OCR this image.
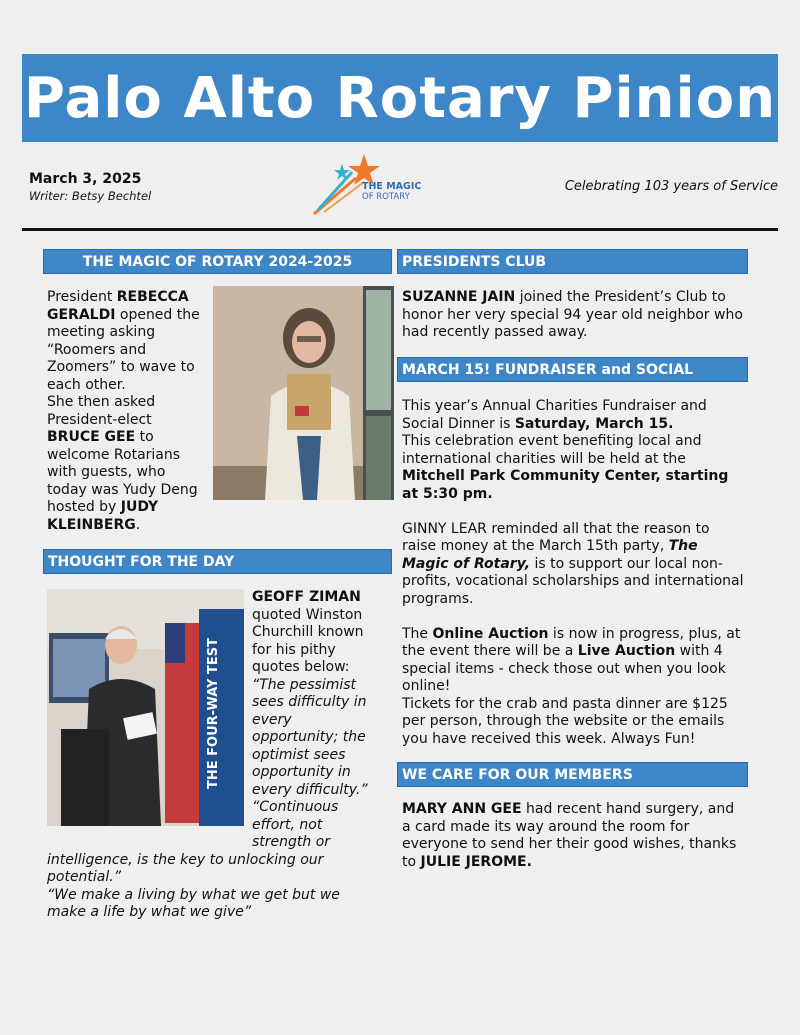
Palo Alto Rotary Pinion
March 3, 2025
Writer: Betsy Bechtel
Celebrating 103 years of Service
THE MAGIC
OF ROTARY
THE MAGIC OF ROTARY 2024-2025

President REBECCA GERALDI opened the meeting asking “Roomers and Zoomers” to wave to each other.

She then asked President-elect BRUCE GEE to welcome Rotarians with guests, who today was Yudy Deng hosted by JUDY KLEINBERG.

THOUGHT FOR THE DAY
THE FOUR-WAY TEST

GEOFF ZIMAN quoted Winston Churchill known for his pithy quotes below:

“The pessimist sees difficulty in every opportunity; the optimist sees opportunity in every difficulty.”

“Continuous effort, not strength or intelligence, is the key to unlocking our potential.”

“We make a living by what we get but we make a life by what we give”

PRESIDENTS CLUB

SUZANNE JAIN joined the President’s Club to honor her very special 94 year old neighbor who had recently passed away.

MARCH 15! FUNDRAISER and SOCIAL

This year’s Annual Charities Fundraiser and Social Dinner is Saturday, March 15.

This celebration event benefiting local and international charities will be held at the Mitchell Park Community Center, starting at 5:30 pm.

GINNY LEAR reminded all that the reason to raise money at the March 15th party, The Magic of Rotary, is to support our local non-profits, vocational scholarships and international programs.

The Online Auction is now in progress, plus, at the event there will be a Live Auction with 4 special items - check those out when you look online!

Tickets for the crab and pasta dinner are $125 per person, through the website or the emails you have received this week. Always Fun!

WE CARE FOR OUR MEMBERS

MARY ANN GEE had recent hand surgery, and a card made its way around the room for everyone to send her their good wishes, thanks to JULIE JEROME.
